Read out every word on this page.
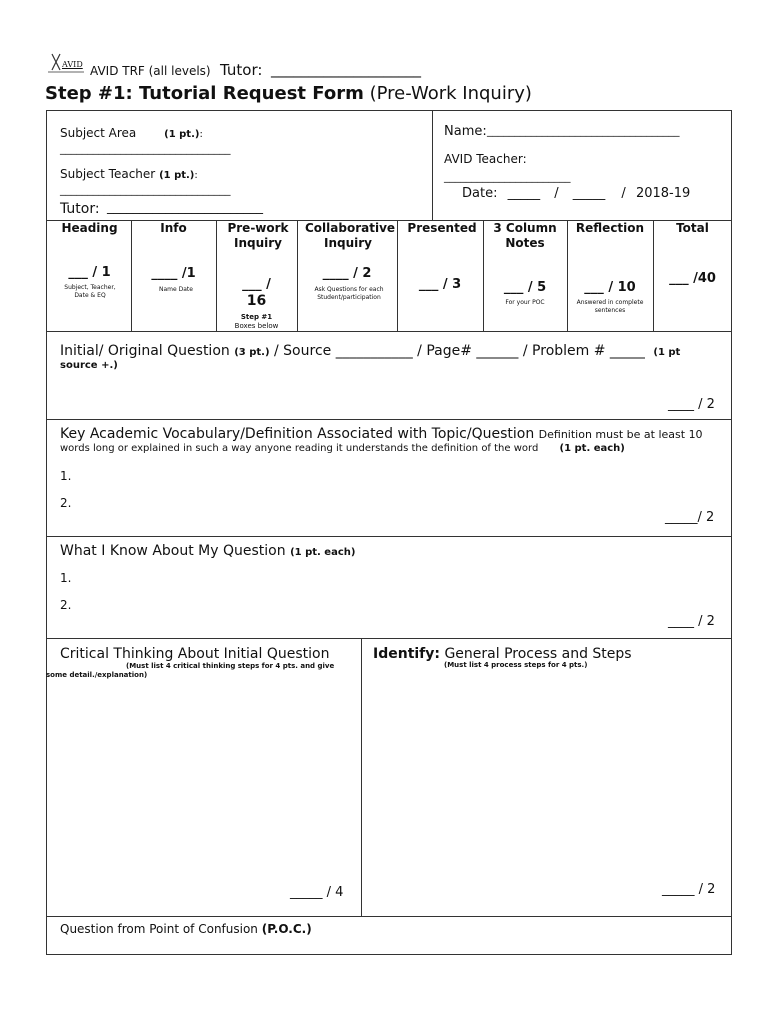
AVID AVID TRF (all levels) Tutor: ____________________
Step #1: Tutorial Request Form (Pre-Work Inquiry)
Subject Area	(1 pt.):
_______________________________
Subject Teacher (1 pt.):
_______________________________
Tutor: ________________________
Name: ___________________________________
AVID Teacher:
_______________________
Date: _____ / _____ / 2018-19
Heading
___ / 1
Subject, Teacher, Date & EQ
Info
____ /1
Name Date
Pre-work Inquiry
___ /
16
Step #1
Boxes below
Collaborative Inquiry
____ / 2
Ask Questions for each Student/participation
Presented
___ / 3
3 Column Notes
___ / 5
For your POC
Reflection
___ / 10
Answered in complete sentences
Total
___ /40
Initial/ Original Question (3 pt.) / Source ___________ / Page# ______ / Problem # _____ (1 pt
source +.)
____ / 2
Key Academic Vocabulary/Definition Associated with Topic/Question Definition must be at least 10
words long or explained in such a way anyone reading it understands the definition of the word (1 pt. each)
1.
2.
_____/ 2
What I Know About My Question (1 pt. each)
1.
2.
____ / 2
Critical Thinking About Initial Question
(Must list 4 critical thinking steps for 4 pts. and give
some detail./explanation)
_____ / 4
Identify: General Process and Steps
(Must list 4 process steps for 4 pts.)
_____ / 2
Question from Point of Confusion (P.O.C.)
